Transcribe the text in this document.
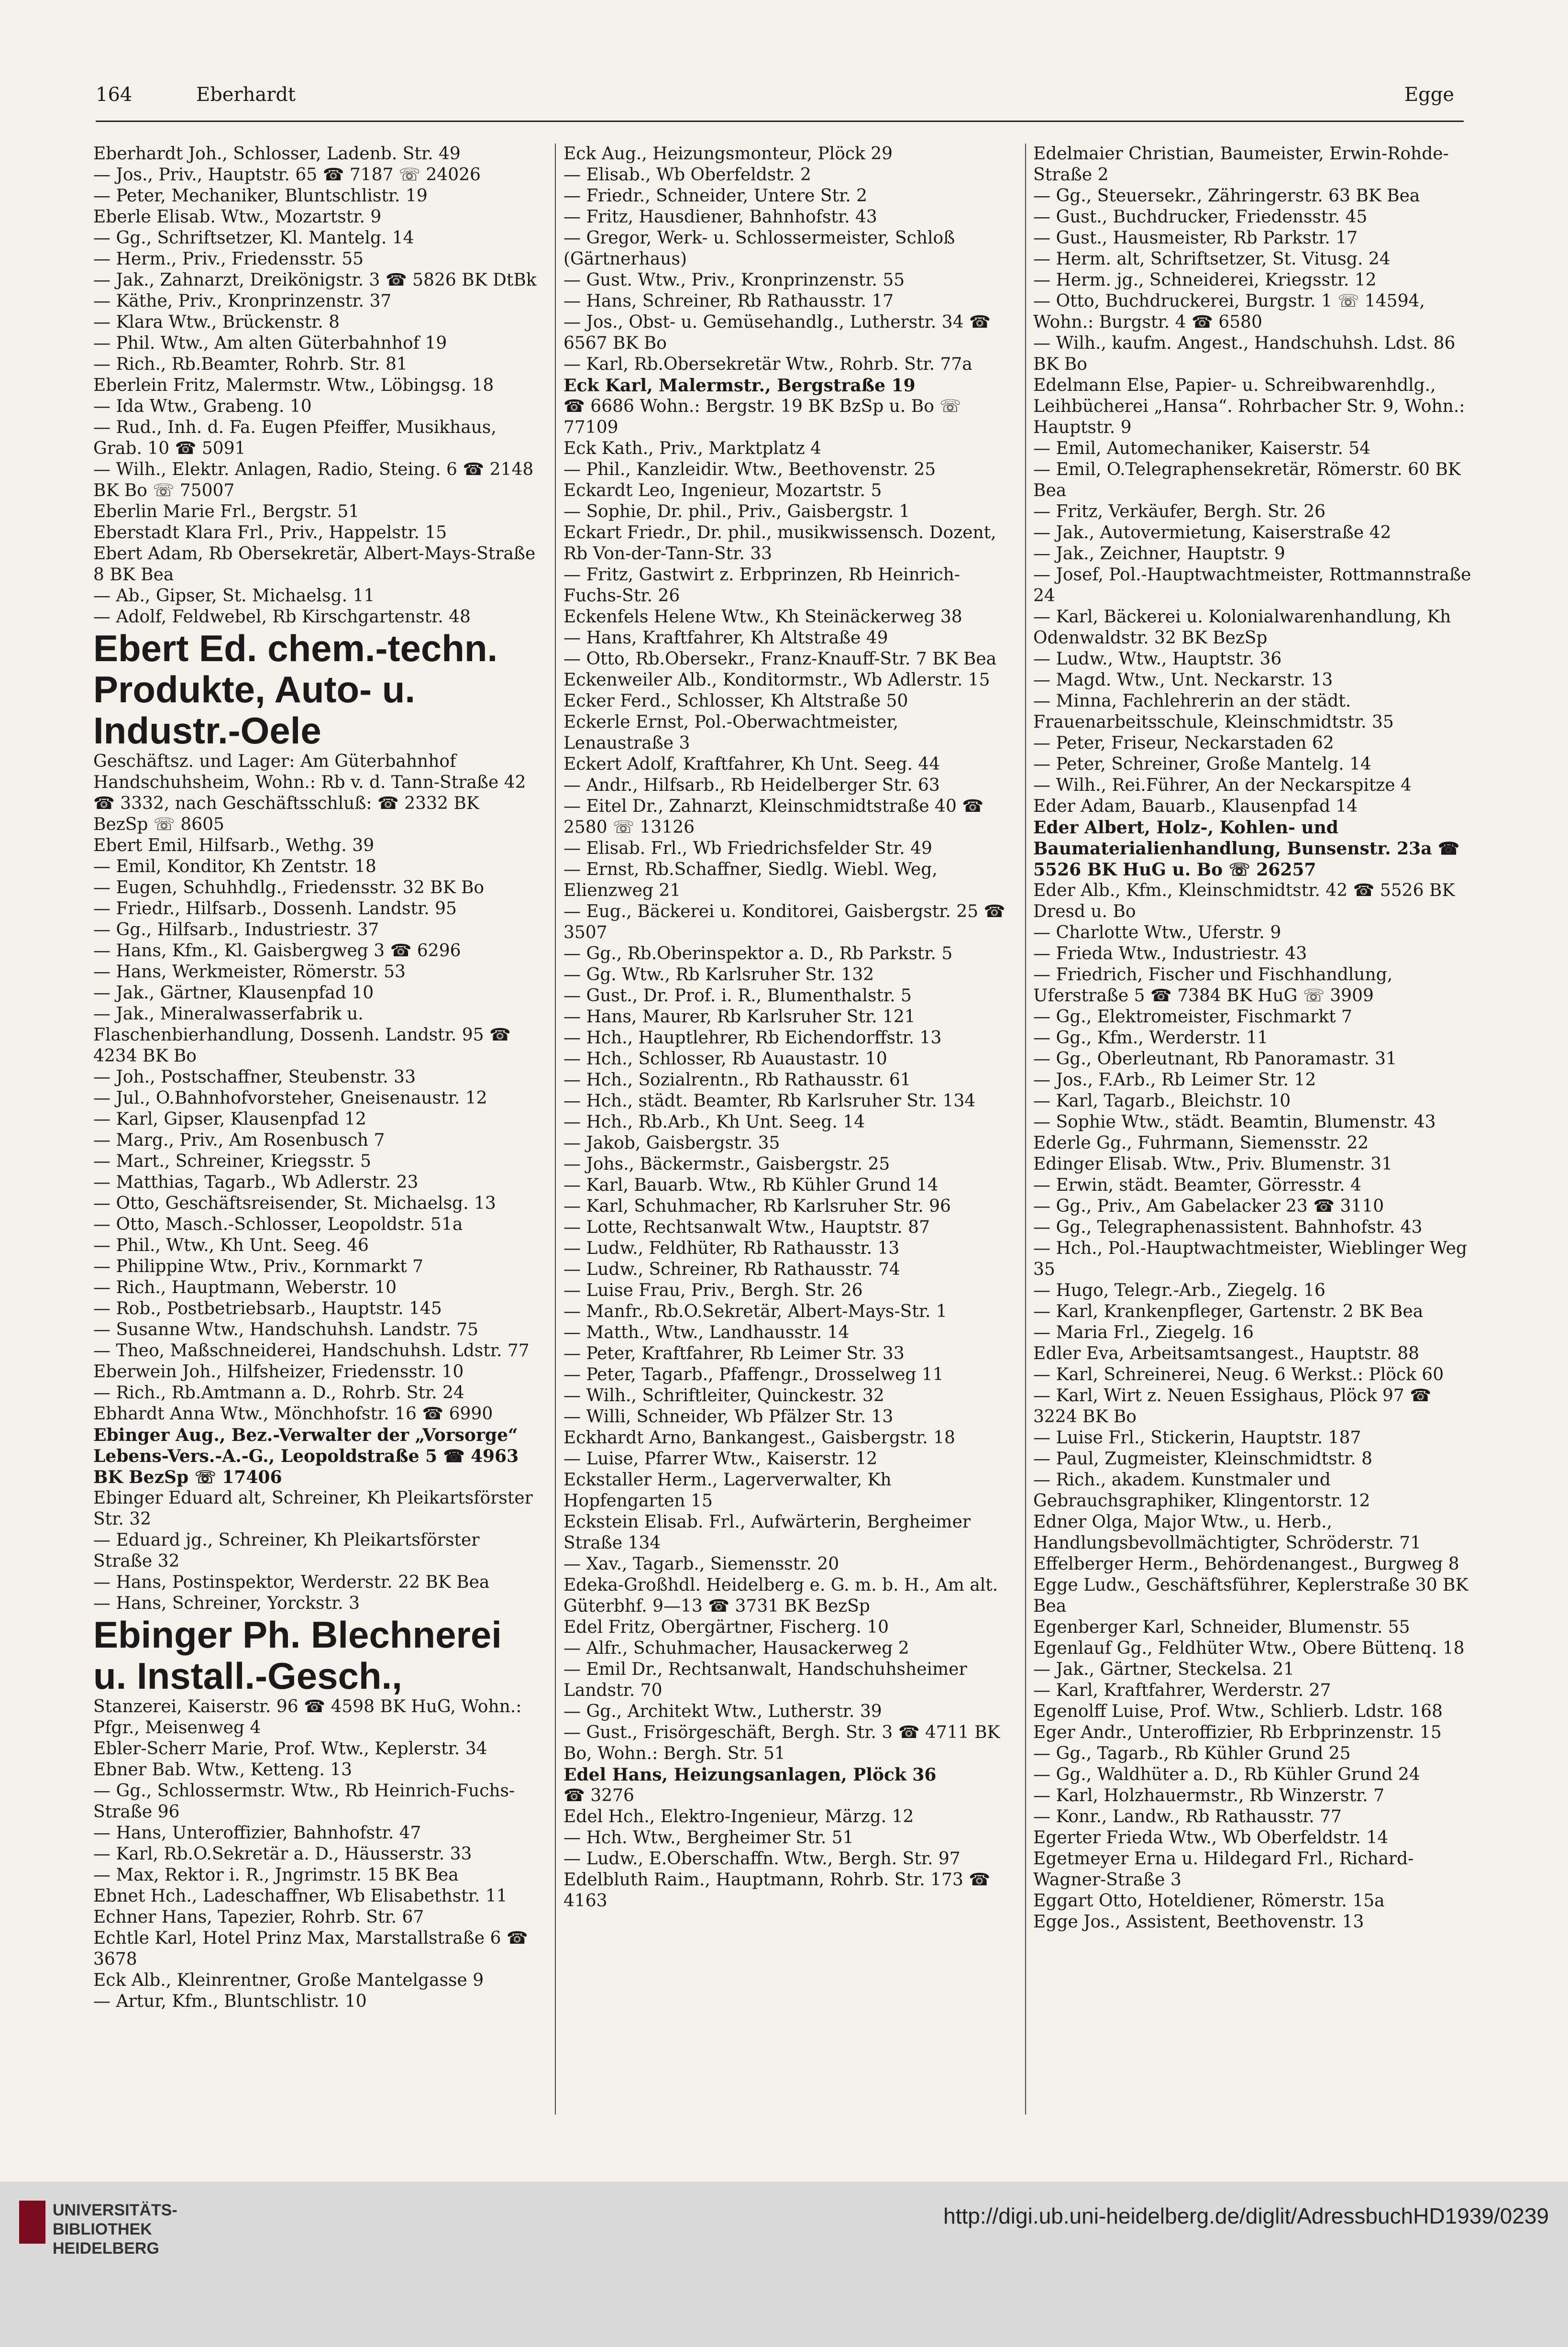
164	Eberhardt	Egge

Eberhardt Joh., Schlosser, Ladenb. Str. 49

— Jos., Priv., Hauptstr. 65 ☎ 7187 ☏ 24026

— Peter, Mechaniker, Bluntschlistr. 19

Eberle Elisab. Wtw., Mozartstr. 9

— Gg., Schriftsetzer, Kl. Mantelg. 14

— Herm., Priv., Friedensstr. 55

— Jak., Zahnarzt, Dreikönigstr. 3 ☎ 5826 BK DtBk

— Käthe, Priv., Kronprinzenstr. 37

— Klara Wtw., Brückenstr. 8

— Phil. Wtw., Am alten Güterbahnhof 19

— Rich., Rb.Beamter, Rohrb. Str. 81

Eberlein Fritz, Malermstr. Wtw., Löbingsg. 18

— Ida Wtw., Grabeng. 10

— Rud., Inh. d. Fa. Eugen Pfeiffer, Musikhaus, Grab. 10 ☎ 5091

— Wilh., Elektr. Anlagen, Radio, Steing. 6 ☎ 2148 BK Bo ☏ 75007

Eberlin Marie Frl., Bergstr. 51

Eberstadt Klara Frl., Priv., Happelstr. 15

Ebert Adam, Rb Obersekretär, Albert-Mays-Straße 8 BK Bea

— Ab., Gipser, St. Michaelsg. 11

— Adolf, Feldwebel, Rb Kirschgartenstr. 48

Ebert Ed. chem.-techn. Produkte, Auto- u. Industr.-Oele

Geschäftsz. und Lager: Am Güterbahnhof Handschuhsheim, Wohn.: Rb v. d. Tann-Straße 42 ☎ 3332, nach Geschäftsschluß: ☎ 2332 BK BezSp ☏ 8605

Ebert Emil, Hilfsarb., Wethg. 39

— Emil, Konditor, Kh Zentstr. 18

— Eugen, Schuhhdlg., Friedensstr. 32 BK Bo

— Friedr., Hilfsarb., Dossenh. Landstr. 95

— Gg., Hilfsarb., Industriestr. 37

— Hans, Kfm., Kl. Gaisbergweg 3 ☎ 6296

— Hans, Werkmeister, Römerstr. 53

— Jak., Gärtner, Klausenpfad 10

— Jak., Mineralwasserfabrik u. Flaschenbierhandlung, Dossenh. Landstr. 95 ☎ 4234 BK Bo

— Joh., Postschaffner, Steubenstr. 33

— Jul., O.Bahnhofvorsteher, Gneisenaustr. 12

— Karl, Gipser, Klausenpfad 12

— Marg., Priv., Am Rosenbusch 7

— Mart., Schreiner, Kriegsstr. 5

— Matthias, Tagarb., Wb Adlerstr. 23

— Otto, Geschäftsreisender, St. Michaelsg. 13

— Otto, Masch.-Schlosser, Leopoldstr. 51a

— Phil., Wtw., Kh Unt. Seeg. 46

— Philippine Wtw., Priv., Kornmarkt 7

— Rich., Hauptmann, Weberstr. 10

— Rob., Postbetriebsarb., Hauptstr. 145

— Susanne Wtw., Handschuhsh. Landstr. 75

— Theo, Maßschneiderei, Handschuhsh. Ldstr. 77

Eberwein Joh., Hilfsheizer, Friedensstr. 10

— Rich., Rb.Amtmann a. D., Rohrb. Str. 24

Ebhardt Anna Wtw., Mönchhofstr. 16 ☎ 6990

Ebinger Aug., Bez.-Verwalter der „Vorsorge“ Lebens-Vers.-A.-G., Leopoldstraße 5 ☎ 4963 BK BezSp ☏ 17406

Ebinger Eduard alt, Schreiner, Kh Pleikartsförster Str. 32

— Eduard jg., Schreiner, Kh Pleikartsförster Straße 32

— Hans, Postinspektor, Werderstr. 22 BK Bea

— Hans, Schreiner, Yorckstr. 3

Ebinger Ph. Blechnerei u. Install.-Gesch.,

Stanzerei, Kaiserstr. 96 ☎ 4598 BK HuG, Wohn.: Pfgr., Meisenweg 4

Ebler-Scherr Marie, Prof. Wtw., Keplerstr. 34

Ebner Bab. Wtw., Ketteng. 13

— Gg., Schlossermstr. Wtw., Rb Heinrich-Fuchs-Straße 96

— Hans, Unteroffizier, Bahnhofstr. 47

— Karl, Rb.O.Sekretär a. D., Häusserstr. 33

— Max, Rektor i. R., Jngrimstr. 15 BK Bea

Ebnet Hch., Ladeschaffner, Wb Elisabethstr. 11

Echner Hans, Tapezier, Rohrb. Str. 67

Echtle Karl, Hotel Prinz Max, Marstallstraße 6 ☎ 3678

Eck Alb., Kleinrentner, Große Mantelgasse 9

— Artur, Kfm., Bluntschlistr. 10

Eck Aug., Heizungsmonteur, Plöck 29

— Elisab., Wb Oberfeldstr. 2

— Friedr., Schneider, Untere Str. 2

— Fritz, Hausdiener, Bahnhofstr. 43

— Gregor, Werk- u. Schlossermeister, Schloß (Gärtnerhaus)

— Gust. Wtw., Priv., Kronprinzenstr. 55

— Hans, Schreiner, Rb Rathausstr. 17

— Jos., Obst- u. Gemüsehandlg., Lutherstr. 34 ☎ 6567 BK Bo

— Karl, Rb.Obersekretär Wtw., Rohrb. Str. 77a

Eck Karl, Malermstr., Bergstraße 19

☎ 6686 Wohn.: Bergstr. 19 BK BzSp u. Bo ☏ 77109

Eck Kath., Priv., Marktplatz 4

— Phil., Kanzleidir. Wtw., Beethovenstr. 25

Eckardt Leo, Ingenieur, Mozartstr. 5

— Sophie, Dr. phil., Priv., Gaisbergstr. 1

Eckart Friedr., Dr. phil., musikwissensch. Dozent, Rb Von-der-Tann-Str. 33

— Fritz, Gastwirt z. Erbprinzen, Rb Heinrich-Fuchs-Str. 26

Eckenfels Helene Wtw., Kh Steinäckerweg 38

— Hans, Kraftfahrer, Kh Altstraße 49

— Otto, Rb.Obersekr., Franz-Knauff-Str. 7 BK Bea

Eckenweiler Alb., Konditormstr., Wb Adlerstr. 15

Ecker Ferd., Schlosser, Kh Altstraße 50

Eckerle Ernst, Pol.-Oberwachtmeister, Lenaustraße 3

Eckert Adolf, Kraftfahrer, Kh Unt. Seeg. 44

— Andr., Hilfsarb., Rb Heidelberger Str. 63

— Eitel Dr., Zahnarzt, Kleinschmidtstraße 40 ☎ 2580 ☏ 13126

— Elisab. Frl., Wb Friedrichsfelder Str. 49

— Ernst, Rb.Schaffner, Siedlg. Wiebl. Weg, Elienzweg 21

— Eug., Bäckerei u. Konditorei, Gaisbergstr. 25 ☎ 3507

— Gg., Rb.Oberinspektor a. D., Rb Parkstr. 5

— Gg. Wtw., Rb Karlsruher Str. 132

— Gust., Dr. Prof. i. R., Blumenthalstr. 5

— Hans, Maurer, Rb Karlsruher Str. 121

— Hch., Hauptlehrer, Rb Eichendorffstr. 13

— Hch., Schlosser, Rb Auaustastr. 10

— Hch., Sozialrentn., Rb Rathausstr. 61

— Hch., städt. Beamter, Rb Karlsruher Str. 134

— Hch., Rb.Arb., Kh Unt. Seeg. 14

— Jakob, Gaisbergstr. 35

— Johs., Bäckermstr., Gaisbergstr. 25

— Karl, Bauarb. Wtw., Rb Kühler Grund 14

— Karl, Schuhmacher, Rb Karlsruher Str. 96

— Lotte, Rechtsanwalt Wtw., Hauptstr. 87

— Ludw., Feldhüter, Rb Rathausstr. 13

— Ludw., Schreiner, Rb Rathausstr. 74

— Luise Frau, Priv., Bergh. Str. 26

— Manfr., Rb.O.Sekretär, Albert-Mays-Str. 1

— Matth., Wtw., Landhausstr. 14

— Peter, Kraftfahrer, Rb Leimer Str. 33

— Peter, Tagarb., Pfaffengr., Drosselweg 11

— Wilh., Schriftleiter, Quinckestr. 32

— Willi, Schneider, Wb Pfälzer Str. 13

Eckhardt Arno, Bankangest., Gaisbergstr. 18

— Luise, Pfarrer Wtw., Kaiserstr. 12

Eckstaller Herm., Lagerverwalter, Kh Hopfengarten 15

Eckstein Elisab. Frl., Aufwärterin, Bergheimer Straße 134

— Xav., Tagarb., Siemensstr. 20

Edeka-Großhdl. Heidelberg e. G. m. b. H., Am alt. Güterbhf. 9—13 ☎ 3731 BK BezSp

Edel Fritz, Obergärtner, Fischerg. 10

— Alfr., Schuhmacher, Hausackerweg 2

— Emil Dr., Rechtsanwalt, Handschuhsheimer Landstr. 70

— Gg., Architekt Wtw., Lutherstr. 39

— Gust., Frisörgeschäft, Bergh. Str. 3 ☎ 4711 BK Bo, Wohn.: Bergh. Str. 51

Edel Hans, Heizungsanlagen, Plöck 36

☎ 3276

Edel Hch., Elektro-Ingenieur, Märzg. 12

— Hch. Wtw., Bergheimer Str. 51

— Ludw., E.Oberschaffn. Wtw., Bergh. Str. 97

Edelbluth Raim., Hauptmann, Rohrb. Str. 173 ☎ 4163

Edelmaier Christian, Baumeister, Erwin-Rohde-Straße 2

— Gg., Steuersekr., Zähringerstr. 63 BK Bea

— Gust., Buchdrucker, Friedensstr. 45

— Gust., Hausmeister, Rb Parkstr. 17

— Herm. alt, Schriftsetzer, St. Vitusg. 24

— Herm. jg., Schneiderei, Kriegsstr. 12

— Otto, Buchdruckerei, Burgstr. 1 ☏ 14594, Wohn.: Burgstr. 4 ☎ 6580

— Wilh., kaufm. Angest., Handschuhsh. Ldst. 86 BK Bo

Edelmann Else, Papier- u. Schreibwarenhdlg., Leihbücherei „Hansa“. Rohrbacher Str. 9, Wohn.: Hauptstr. 9

— Emil, Automechaniker, Kaiserstr. 54

— Emil, O.Telegraphensekretär, Römerstr. 60 BK Bea

— Fritz, Verkäufer, Bergh. Str. 26

— Jak., Autovermietung, Kaiserstraße 42

— Jak., Zeichner, Hauptstr. 9

— Josef, Pol.-Hauptwachtmeister, Rottmannstraße 24

— Karl, Bäckerei u. Kolonialwarenhandlung, Kh Odenwaldstr. 32 BK BezSp

— Ludw., Wtw., Hauptstr. 36

— Magd. Wtw., Unt. Neckarstr. 13

— Minna, Fachlehrerin an der städt. Frauenarbeitsschule, Kleinschmidtstr. 35

— Peter, Friseur, Neckarstaden 62

— Peter, Schreiner, Große Mantelg. 14

— Wilh., Rei.Führer, An der Neckarspitze 4

Eder Adam, Bauarb., Klausenpfad 14

Eder Albert, Holz-, Kohlen- und Baumaterialienhandlung, Bunsenstr. 23a ☎ 5526 BK HuG u. Bo ☏ 26257

Eder Alb., Kfm., Kleinschmidtstr. 42 ☎ 5526 BK Dresd u. Bo

— Charlotte Wtw., Uferstr. 9

— Frieda Wtw., Industriestr. 43

— Friedrich, Fischer und Fischhandlung, Uferstraße 5 ☎ 7384 BK HuG ☏ 3909

— Gg., Elektromeister, Fischmarkt 7

— Gg., Kfm., Werderstr. 11

— Gg., Oberleutnant, Rb Panoramastr. 31

— Jos., F.Arb., Rb Leimer Str. 12

— Karl, Tagarb., Bleichstr. 10

— Sophie Wtw., städt. Beamtin, Blumenstr. 43

Ederle Gg., Fuhrmann, Siemensstr. 22

Edinger Elisab. Wtw., Priv. Blumenstr. 31

— Erwin, städt. Beamter, Görresstr. 4

— Gg., Priv., Am Gabelacker 23 ☎ 3110

— Gg., Telegraphenassistent. Bahnhofstr. 43

— Hch., Pol.-Hauptwachtmeister, Wieblinger Weg 35

— Hugo, Telegr.-Arb., Ziegelg. 16

— Karl, Krankenpfleger, Gartenstr. 2 BK Bea

— Maria Frl., Ziegelg. 16

Edler Eva, Arbeitsamtsangest., Hauptstr. 88

— Karl, Schreinerei, Neug. 6 Werkst.: Plöck 60

— Karl, Wirt z. Neuen Essighaus, Plöck 97 ☎ 3224 BK Bo

— Luise Frl., Stickerin, Hauptstr. 187

— Paul, Zugmeister, Kleinschmidtstr. 8

— Rich., akadem. Kunstmaler und Gebrauchsgraphiker, Klingentorstr. 12

Edner Olga, Major Wtw., u. Herb., Handlungsbevollmächtigter, Schröderstr. 71

Effelberger Herm., Behördenangest., Burgweg 8

Egge Ludw., Geschäftsführer, Keplerstraße 30 BK Bea

Egenberger Karl, Schneider, Blumenstr. 55

Egenlauf Gg., Feldhüter Wtw., Obere Büttenq. 18

— Jak., Gärtner, Steckelsa. 21

— Karl, Kraftfahrer, Werderstr. 27

Egenolff Luise, Prof. Wtw., Schlierb. Ldstr. 168

Eger Andr., Unteroffizier, Rb Erbprinzenstr. 15

— Gg., Tagarb., Rb Kühler Grund 25

— Gg., Waldhüter a. D., Rb Kühler Grund 24

— Karl, Holzhauermstr., Rb Winzerstr. 7

— Konr., Landw., Rb Rathausstr. 77

Egerter Frieda Wtw., Wb Oberfeldstr. 14

Egetmeyer Erna u. Hildegard Frl., Richard-Wagner-Straße 3

Eggart Otto, Hoteldiener, Römerstr. 15a

Egge Jos., Assistent, Beethovenstr. 13

UNIVERSITÄTS-
BIBLIOTHEK
HEIDELBERG
http://digi.ub.uni-heidelberg.de/diglit/AdressbuchHD1939/0239
